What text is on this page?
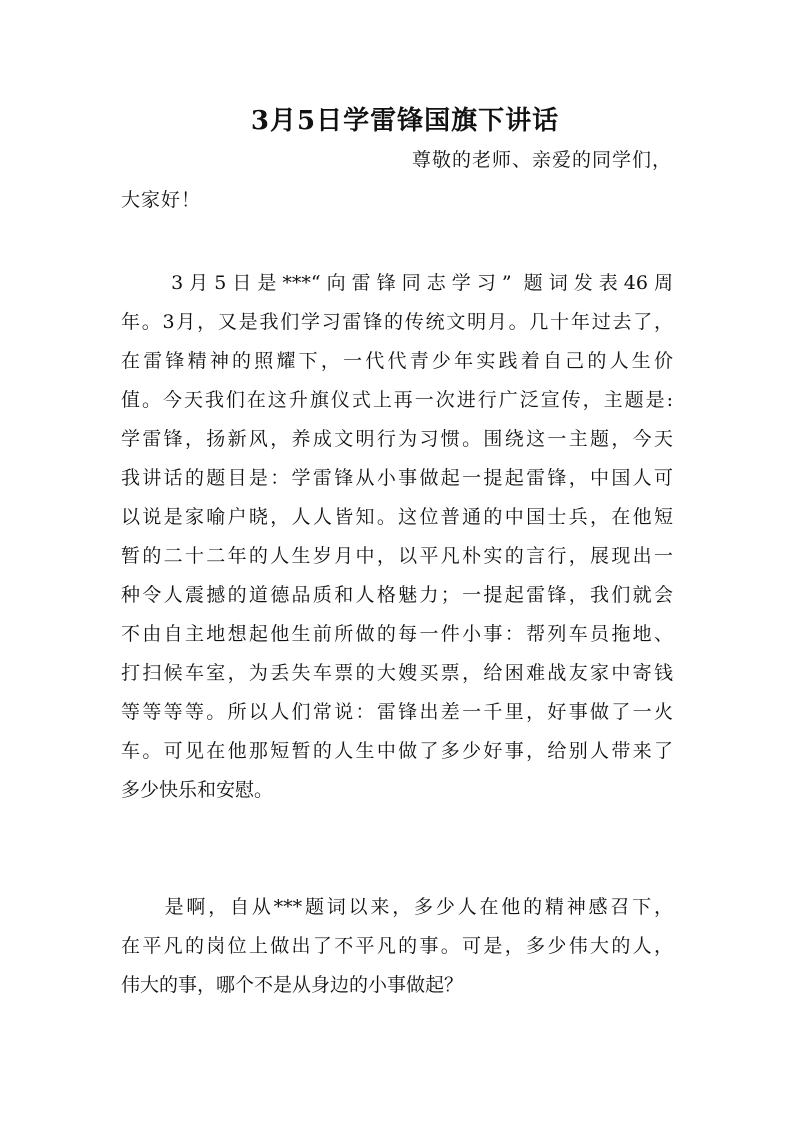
3月5日学雷锋国旗下讲话
尊敬的老师、亲爱的同学们，
大家好！
　　3月5日是***“向雷锋同志学习” 题词发表46周
年。3月，又是我们学习雷锋的传统文明月。几十年过去了，
在雷锋精神的照耀下，一代代青少年实践着自己的人生价
值。今天我们在这升旗仪式上再一次进行广泛宣传，主题是:
学雷锋，扬新风，养成文明行为习惯。围绕这一主题，今天
我讲话的题目是：学雷锋从小事做起一提起雷锋，中国人可
以说是家喻户晓，人人皆知。这位普通的中国士兵，在他短
暂的二十二年的人生岁月中，以平凡朴实的言行，展现出一
种令人震撼的道德品质和人格魅力；一提起雷锋，我们就会
不由自主地想起他生前所做的每一件小事：帮列车员拖地、
打扫候车室，为丢失车票的大嫂买票，给困难战友家中寄钱
等等等等。所以人们常说：雷锋出差一千里，好事做了一火
车。可见在他那短暂的人生中做了多少好事，给别人带来了
多少快乐和安慰。
　　是啊，自从***题词以来，多少人在他的精神感召下，
在平凡的岗位上做出了不平凡的事。可是，多少伟大的人，
伟大的事，哪个不是从身边的小事做起？
